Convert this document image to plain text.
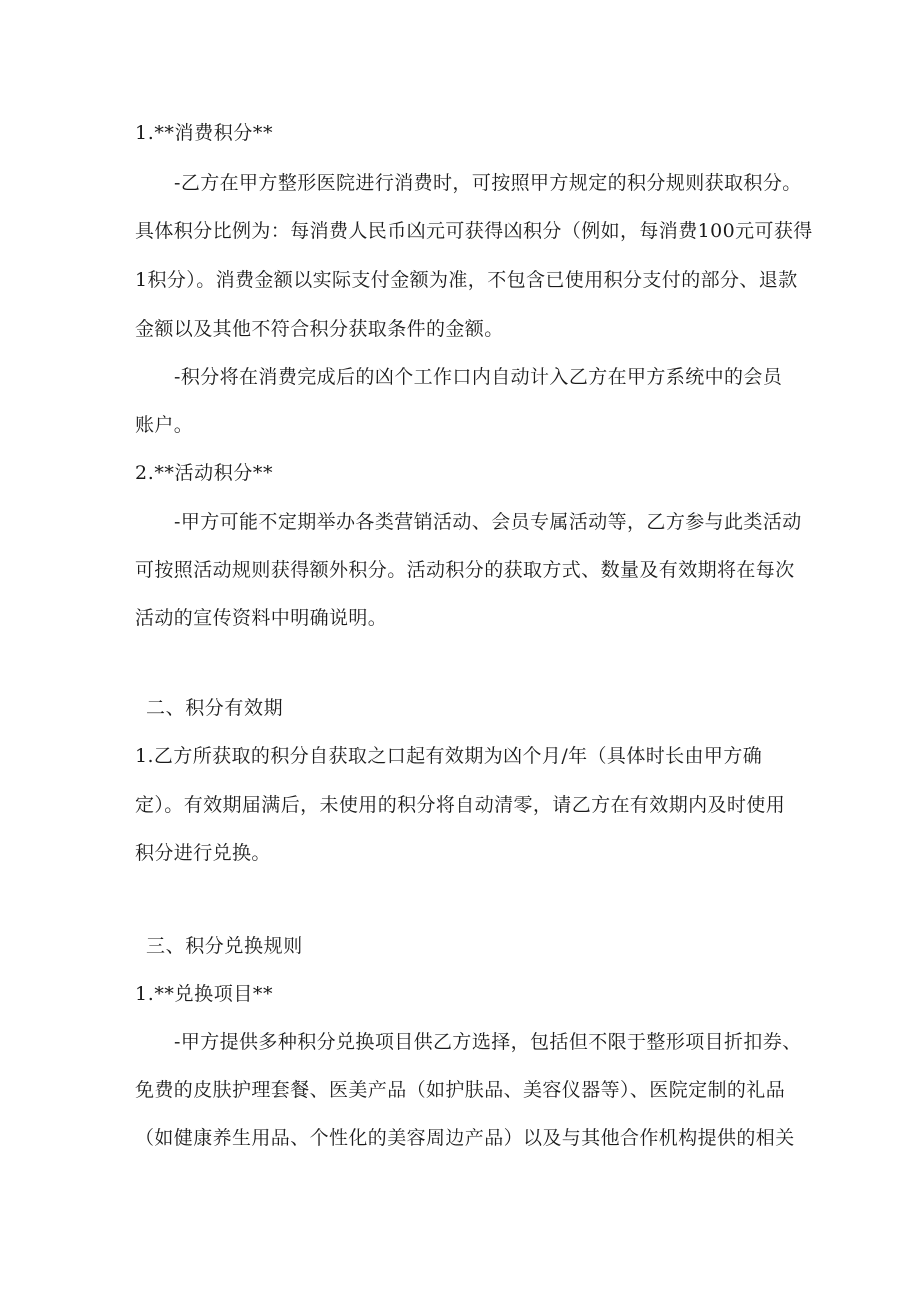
1.**消费积分**
-乙方在甲方整形医院进行消费时，可按照甲方规定的积分规则获取积分。
具体积分比例为：每消费人民币凶元可获得凶积分（例如，每消费100元可获得
1积分）。消费金额以实际支付金额为准，不包含已使用积分支付的部分、退款
金额以及其他不符合积分获取条件的金额。
-积分将在消费完成后的凶个工作口内自动计入乙方在甲方系统中的会员
账户。
2.**活动积分**
-甲方可能不定期举办各类营销活动、会员专属活动等，乙方参与此类活动
可按照活动规则获得额外积分。活动积分的获取方式、数量及有效期将在每次
活动的宣传资料中明确说明。
二、积分有效期
1.乙方所获取的积分自获取之口起有效期为凶个月/年（具体时长由甲方确
定）。有效期届满后，未使用的积分将自动清零，请乙方在有效期内及时使用
积分进行兑换。
三、积分兑换规则
1.**兑换项目**
-甲方提供多种积分兑换项目供乙方选择，包括但不限于整形项目折扣券、
免费的皮肤护理套餐、医美产品（如护肤品、美容仪器等）、医院定制的礼品
（如健康养生用品、个性化的美容周边产品）以及与其他合作机构提供的相关
